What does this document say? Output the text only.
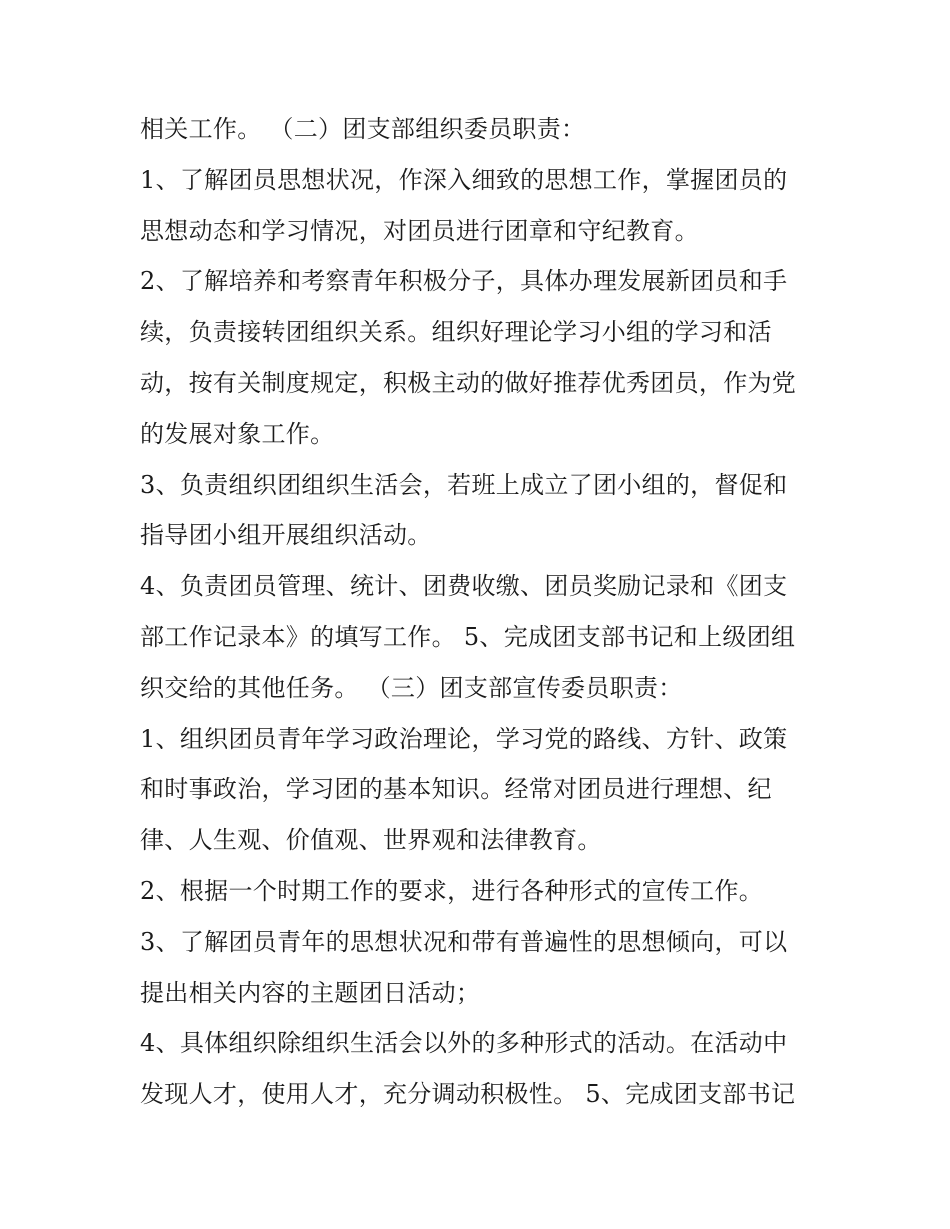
相关工作。 （二）团支部组织委员职责：
1、了解团员思想状况，作深入细致的思想工作，掌握团员的
思想动态和学习情况，对团员进行团章和守纪教育。
2、了解培养和考察青年积极分子，具体办理发展新团员和手
续，负责接转团组织关系。组织好理论学习小组的学习和活
动，按有关制度规定，积极主动的做好推荐优秀团员，作为党
的发展对象工作。
3、负责组织团组织生活会，若班上成立了团小组的，督促和
指导团小组开展组织活动。
4、负责团员管理、统计、团费收缴、团员奖励记录和《团支
部工作记录本》的填写工作。 5、完成团支部书记和上级团组
织交给的其他任务。 （三）团支部宣传委员职责：
1、组织团员青年学习政治理论，学习党的路线、方针、政策
和时事政治，学习团的基本知识。经常对团员进行理想、纪
律、人生观、价值观、世界观和法律教育。
2、根据一个时期工作的要求，进行各种形式的宣传工作。
3、了解团员青年的思想状况和带有普遍性的思想倾向，可以
提出相关内容的主题团日活动；
4、具体组织除组织生活会以外的多种形式的活动。在活动中
发现人才，使用人才，充分调动积极性。 5、完成团支部书记
